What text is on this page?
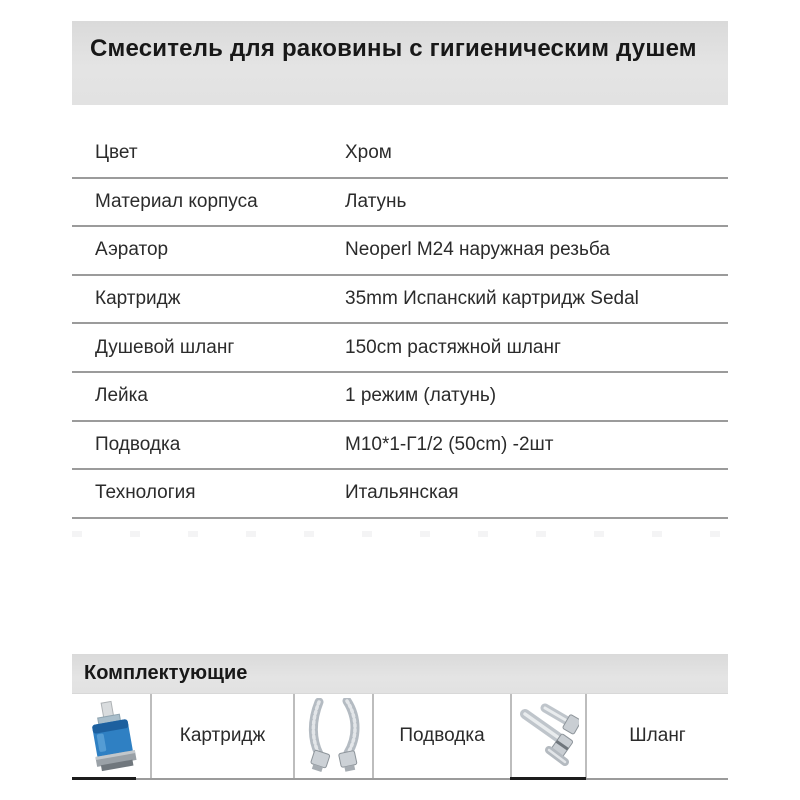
Смеситель для раковины с гигиеническим душем
Цвет	Хром
Материал корпуса	Латунь
Аэратор	Neoperl M24 наружная резьба
Картридж	35mm Испанский картридж Sedal
Душевой шланг	150cm растяжной шланг
Лейка	1 режим (латунь)
Подводка	М10*1-Г1/2 (50cm) -2шт
Технология	Итальянская
Комплектующие
Картридж	Подводка	Шланг
